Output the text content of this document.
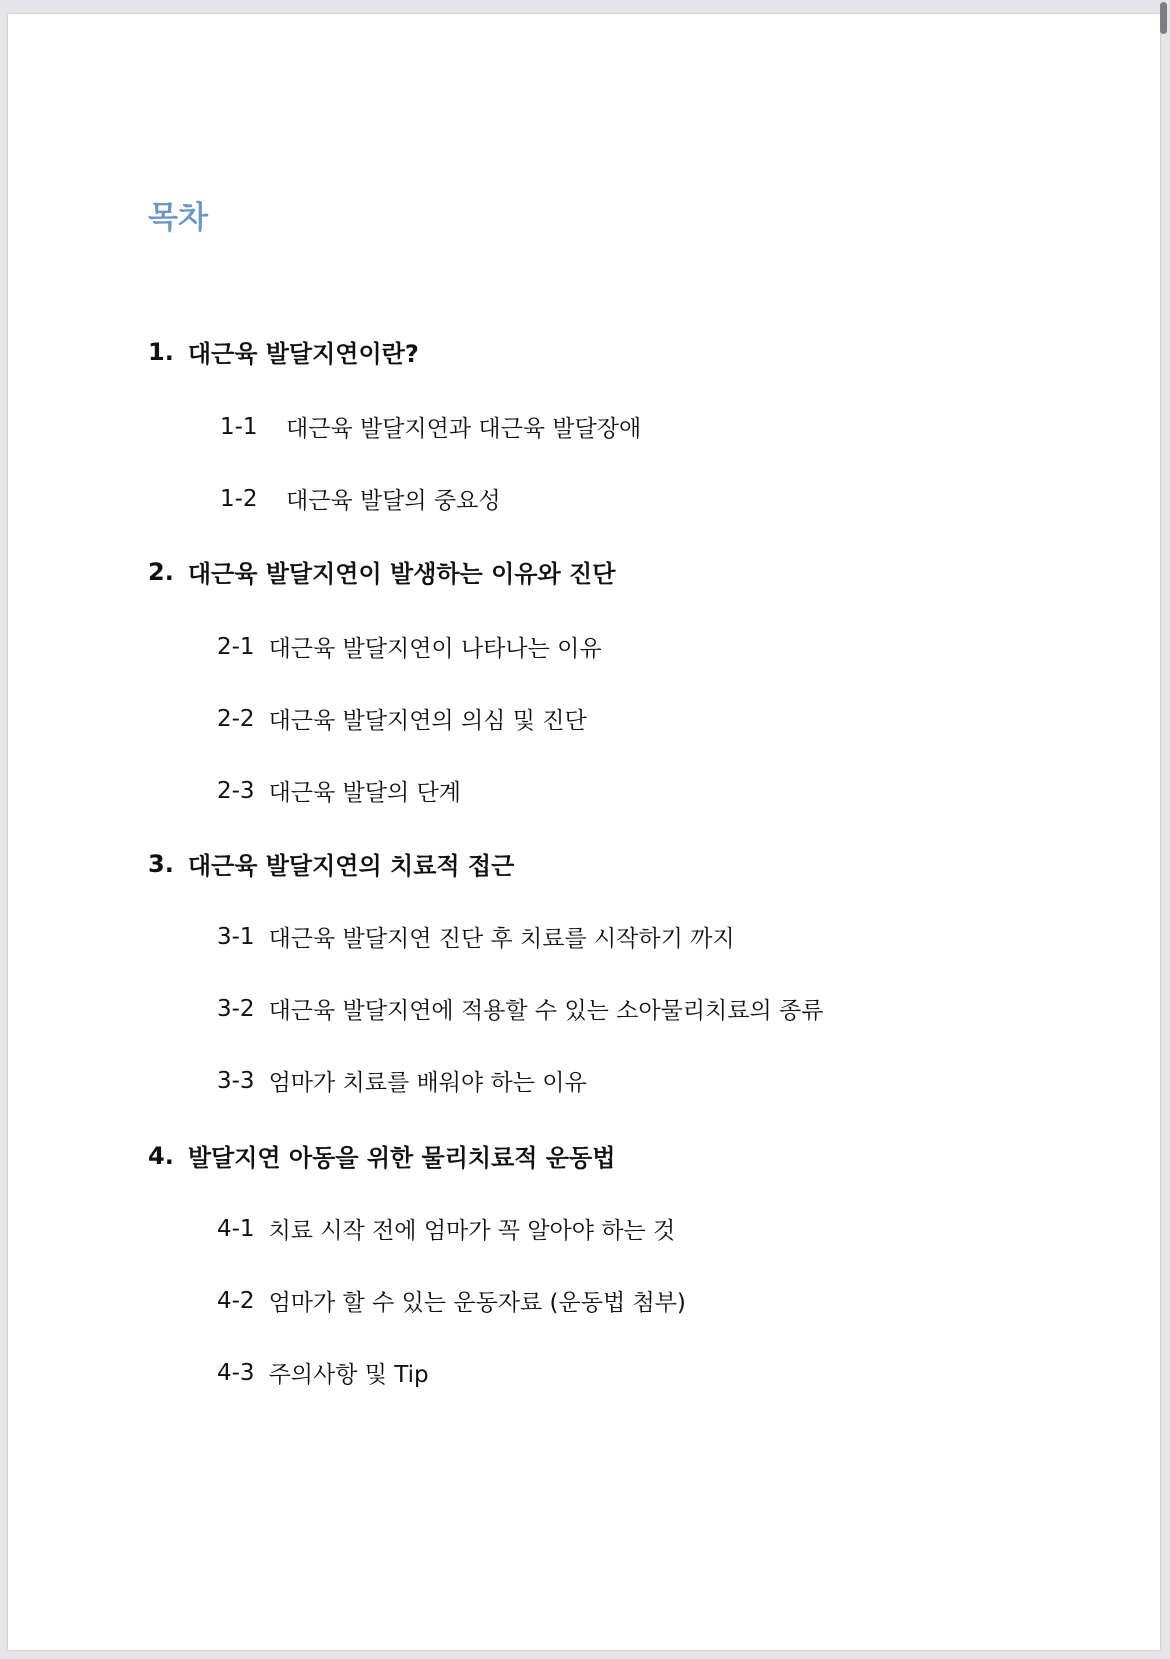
목차
1. 대근육 발달지연이란?
1-1	대근육 발달지연과 대근육 발달장애
1-2	대근육 발달의 중요성
2. 대근육 발달지연이 발생하는 이유와 진단
2-1 대근육 발달지연이 나타나는 이유
2-2 대근육 발달지연의 의심 및 진단
2-3 대근육 발달의 단계
3. 대근육 발달지연의 치료적 접근
3-1 대근육 발달지연 진단 후 치료를 시작하기 까지
3-2 대근육 발달지연에 적용할 수 있는 소아물리치료의 종류
3-3 엄마가 치료를 배워야 하는 이유
4. 발달지연 아동을 위한 물리치료적 운동법
4-1 치료 시작 전에 엄마가 꼭 알아야 하는 것
4-2 엄마가 할 수 있는 운동자료 (운동법 첨부)
4-3 주의사항 및 Tip
